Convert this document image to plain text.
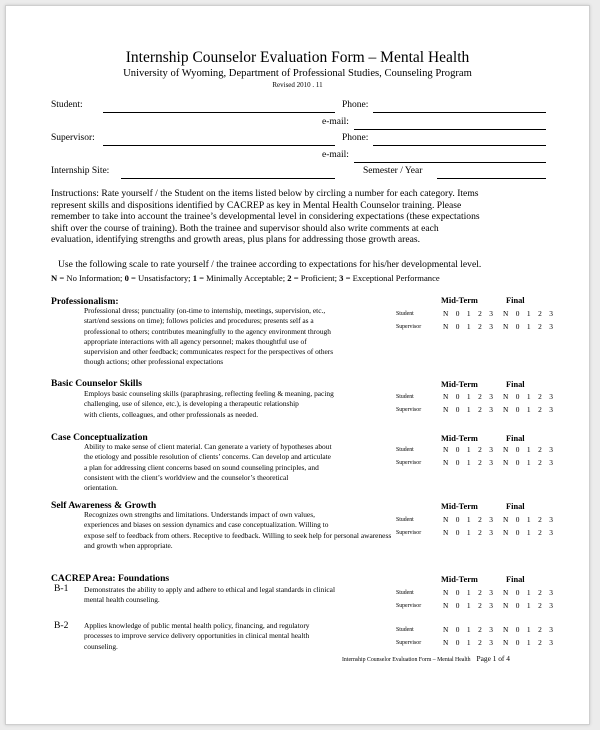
Internship Counselor Evaluation Form – Mental Health
University of Wyoming, Department of Professional Studies, Counseling Program
Revised 2010 . 11
Student:	Phone:
e-mail:
Supervisor:	Phone:
e-mail:
Internship Site:	Semester / Year

Instructions: Rate yourself / the Student on the items listed below by circling a number for each category. Items

represent skills and dispositions identified by CACREP as key in Mental Health Counselor training. Please

remember to take into account the trainee’s developmental level in considering expectations (these expectations

shift over the course of training). Both the trainee and supervisor should also write comments at each

evaluation, identifying strengths and growth areas, plus plans for addressing those growth areas.

Use the following scale to rate yourself / the trainee according to expectations for his/her developmental level.
N = No Information; 0 = Unsatisfactory; 1 = Minimally Acceptable; 2 = Proficient; 3 = Exceptional Performance
Professionalism:	Mid-Term	Final
Professional dress; punctuality (on-time to internship, meetings, supervision, etc.,
start/end sessions on time); follows policies and procedures; presents self as a
professional to others; contributes meaningfully to the agency environment through
appropriate interactions with all agency personnel; makes thoughtful use of
supervision and other feedback; communicates respect for the perspectives of others
though actions; other professional expectations
Student	N 0 1 2 3 N 0 1 2 3
Supervisor	N 0 1 2 3 N 0 1 2 3
Basic Counselor Skills	Mid-Term	Final
Employs basic counseling skills (paraphrasing, reflecting feeling & meaning, pacing
challenging, use of silence, etc.), is developing a therapeutic relationship
with clients, colleagues, and other professionals as needed.
Student	N 0 1 2 3 N 0 1 2 3
Supervisor	N 0 1 2 3 N 0 1 2 3
Case Conceptualization	Mid-Term	Final
Ability to make sense of client material. Can generate a variety of hypotheses about
the etiology and possible resolution of clients’ concerns. Can develop and articulate
a plan for addressing client concerns based on sound counseling principles, and
consistent with the client’s worldview and the counselor’s theoretical
orientation.
Student	N 0 1 2 3 N 0 1 2 3
Supervisor	N 0 1 2 3 N 0 1 2 3
Self Awareness & Growth	Mid-Term	Final
Recognizes own strengths and limitations. Understands impact of own values,
experiences and biases on session dynamics and case conceptualization. Willing to
expose self to feedback from others. Receptive to feedback. Willing to seek help for personal awareness
and growth when appropriate.
Student	N 0 1 2 3 N 0 1 2 3
Supervisor	N 0 1 2 3 N 0 1 2 3
CACREP Area: Foundations	Mid-Term	Final
B-1 Demonstrates the ability to apply and adhere to ethical and legal standards in clinical
mental health counseling.
Student	N 0 1 2 3 N 0 1 2 3
Supervisor	N 0 1 2 3 N 0 1 2 3
B-2 Applies knowledge of public mental health policy, financing, and regulatory
processes to improve service delivery opportunities in clinical mental health
counseling.
Student	N 0 1 2 3 N 0 1 2 3
Supervisor	N 0 1 2 3 N 0 1 2 3
Internship Counselor Evaluation Form – Mental Health Page 1 of 4
